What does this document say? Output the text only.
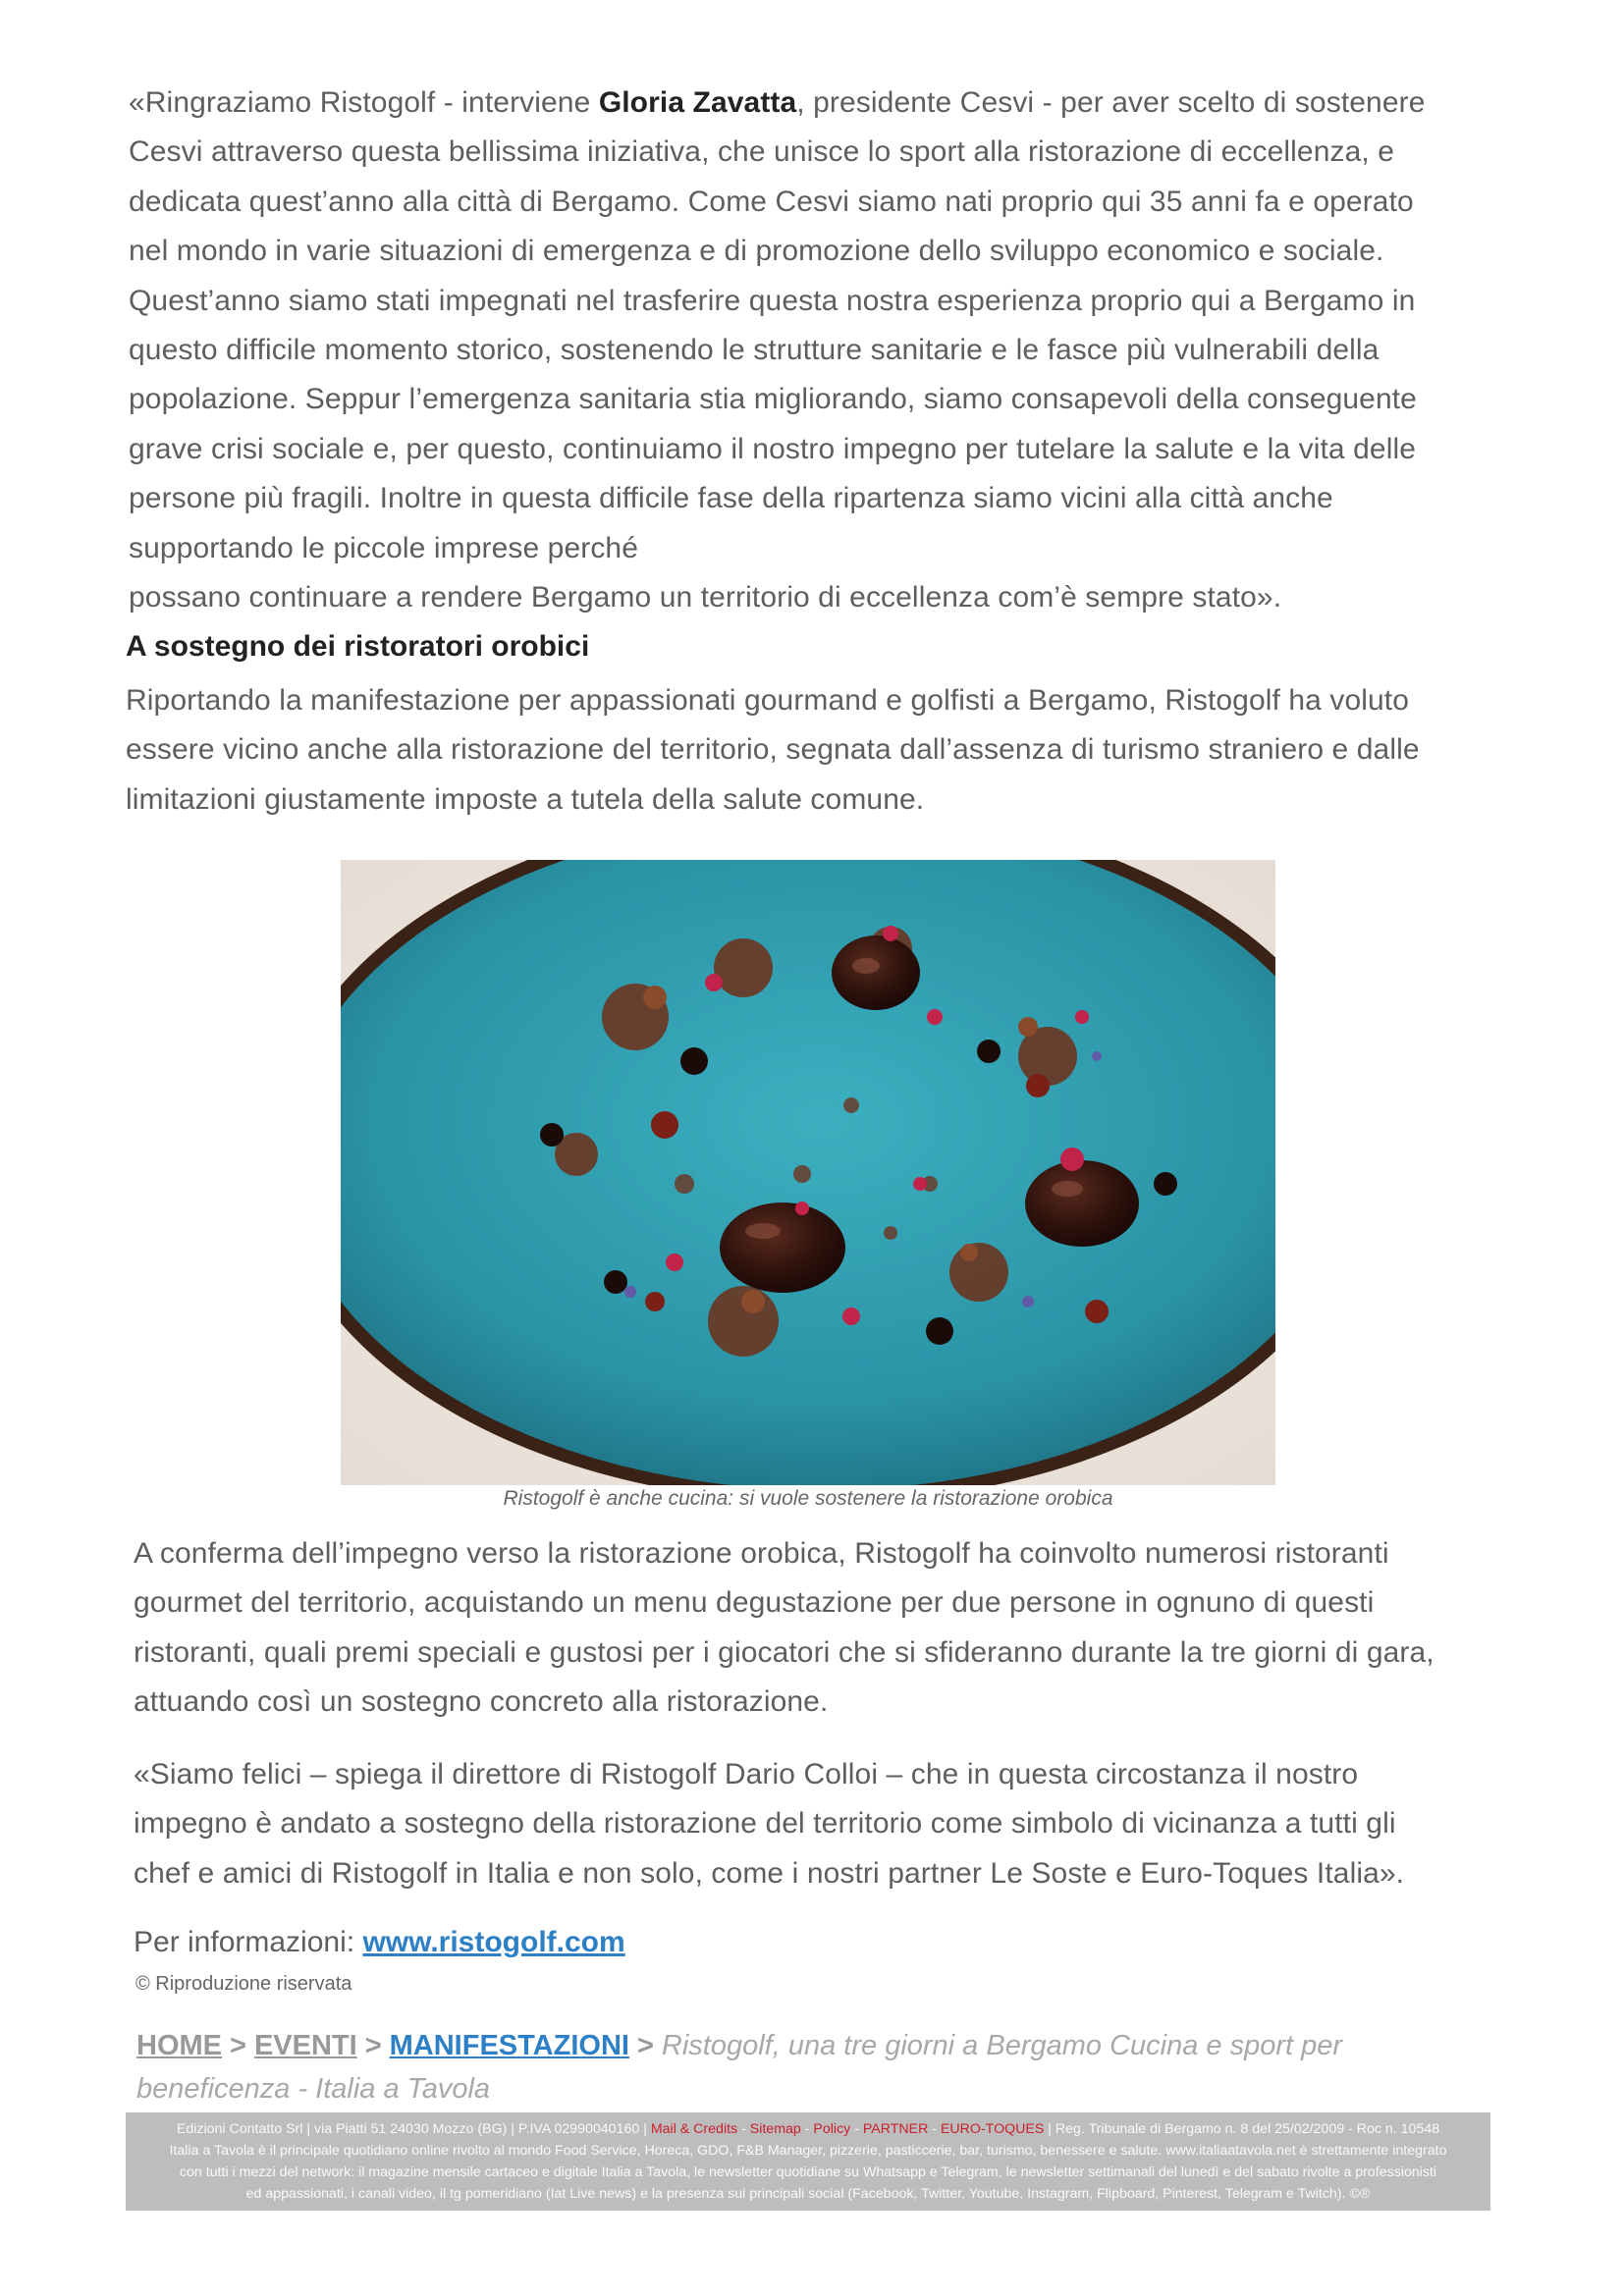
«Ringraziamo Ristogolf - interviene Gloria Zavatta, presidente Cesvi - per aver scelto di sostenere
Cesvi attraverso questa bellissima iniziativa, che unisce lo sport alla ristorazione di eccellenza, e
dedicata quest’anno alla città di Bergamo. Come Cesvi siamo nati proprio qui 35 anni fa e operato
nel mondo in varie situazioni di emergenza e di promozione dello sviluppo economico e sociale.
Quest’anno siamo stati impegnati nel trasferire questa nostra esperienza proprio qui a Bergamo in
questo difficile momento storico, sostenendo le strutture sanitarie e le fasce più vulnerabili della
popolazione. Seppur l’emergenza sanitaria stia migliorando, siamo consapevoli della conseguente
grave crisi sociale e, per questo, continuiamo il nostro impegno per tutelare la salute e la vita delle
persone più fragili. Inoltre in questa difficile fase della ripartenza siamo vicini alla città anche
supportando le piccole imprese perché
possano continuare a rendere Bergamo un territorio di eccellenza com’è sempre stato».
A sostegno dei ristoratori orobici
Riportando la manifestazione per appassionati gourmand e golfisti a Bergamo, Ristogolf ha voluto
essere vicino anche alla ristorazione del territorio, segnata dall’assenza di turismo straniero e dalle
limitazioni giustamente imposte a tutela della salute comune.
Ristogolf è anche cucina: si vuole sostenere la ristorazione orobica
A conferma dell’impegno verso la ristorazione orobica, Ristogolf ha coinvolto numerosi ristoranti
gourmet del territorio, acquistando un menu degustazione per due persone in ognuno di questi
ristoranti, quali premi speciali e gustosi per i giocatori che si sfideranno durante la tre giorni di gara,
attuando così un sostegno concreto alla ristorazione.
«Siamo felici – spiega il direttore di Ristogolf Dario Colloi – che in questa circostanza il nostro
impegno è andato a sostegno della ristorazione del territorio come simbolo di vicinanza a tutti gli
chef e amici di Ristogolf in Italia e non solo, come i nostri partner Le Soste e Euro-Toques Italia».
Per informazioni: www.ristogolf.com
© Riproduzione riservata
HOME > EVENTI > MANIFESTAZIONI > Ristogolf, una tre giorni a Bergamo Cucina e sport per beneficenza - Italia a Tavola

Edizioni Contatto Srl | via Piatti 51 24030 Mozzo (BG) | P.IVA 02990040160 | Mail & Credits - Sitemap - Policy - PARTNER - EURO-TOQUES | Reg. Tribunale di Bergamo n. 8 del 25/02/2009 - Roc n. 10548
Italia a Tavola è il principale quotidiano online rivolto al mondo Food Service, Horeca, GDO, F&B Manager, pizzerie, pasticcerie, bar, turismo, benessere e salute. www.italiaatavola.net è strettamente integrato
con tutti i mezzi del network: il magazine mensile cartaceo e digitale Italia a Tavola, le newsletter quotidiane su Whatsapp e Telegram, le newsletter settimanali del lunedì e del sabato rivolte a professionisti
ed appassionati, i canali video, il tg pomeridiano (Iat Live news) e la presenza sui principali social (Facebook, Twitter, Youtube, Instagram, Flipboard, Pinterest, Telegram e Twitch). ©®
